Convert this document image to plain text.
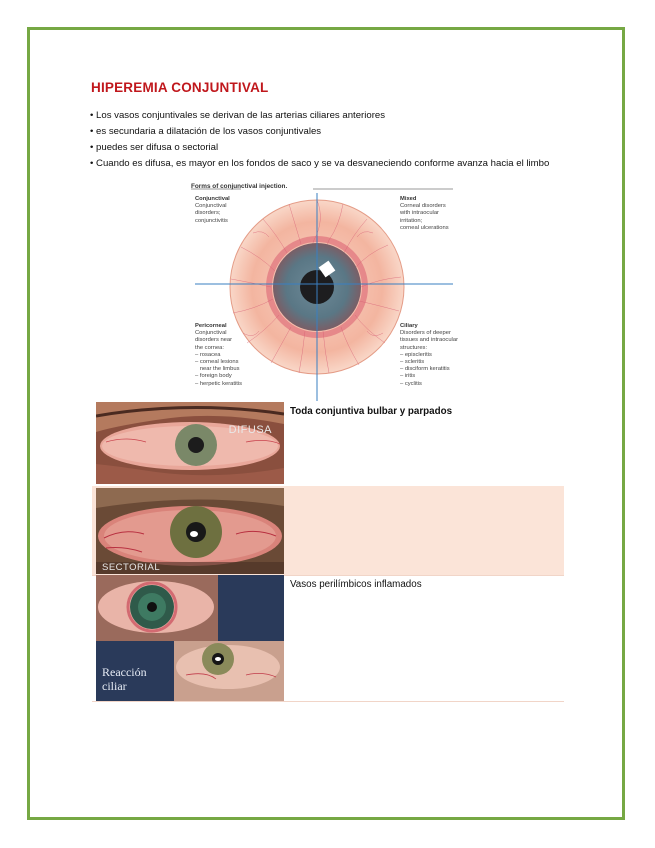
HIPEREMIA CONJUNTIVAL
• Los vasos conjuntivales se derivan de las arterias ciliares anteriores
• es secundaria a dilatación de los vasos conjuntivales
• puedes ser difusa o sectorial
• Cuando es difusa, es mayor en los fondos de saco y se va desvaneciendo conforme avanza hacia el limbo
Forms of conjunctival injection.
Conjunctival
Conjunctival
disorders;
conjunctivitis
Mixed
Corneal disorders
with intraocular
irritation;
corneal ulcerations
Pericorneal
Conjunctival
disorders near
the cornea:
– rosacea
– corneal lesions
near the limbus
– foreign body
– herpetic keratitis
Ciliary
Disorders of deeper
tissues and intraocular
structures:
– episcleritis
– scleritis
– disciform keratitis
– iritis
– cyclitis
DIFUSA
Toda conjuntiva bulbar y parpados
SECTORIAL
Reacción ciliar
Vasos perilímbicos inflamados
